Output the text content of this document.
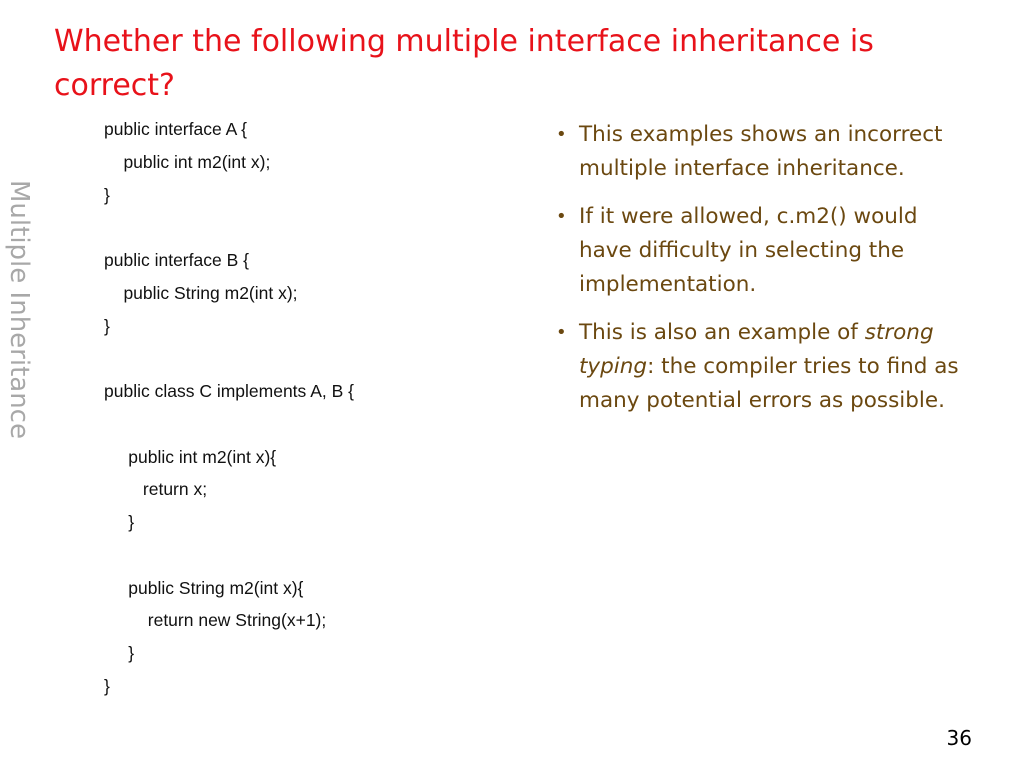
Whether the following multiple interface inheritance is correct?
Multiple Inheritance
public interface A {
public int m2(int x);
}
public interface B {
public String m2(int x);
}
public class C implements A, B {
public int m2(int x){
return x;
}
public String m2(int x){
return new String(x+1);
}
}
• This examples shows an incorrect multiple interface inheritance.
• If it were allowed, c.m2() would have difficulty in selecting the implementation.
• This is also an example of strong typing: the compiler tries to find as many potential errors as possible.
36
